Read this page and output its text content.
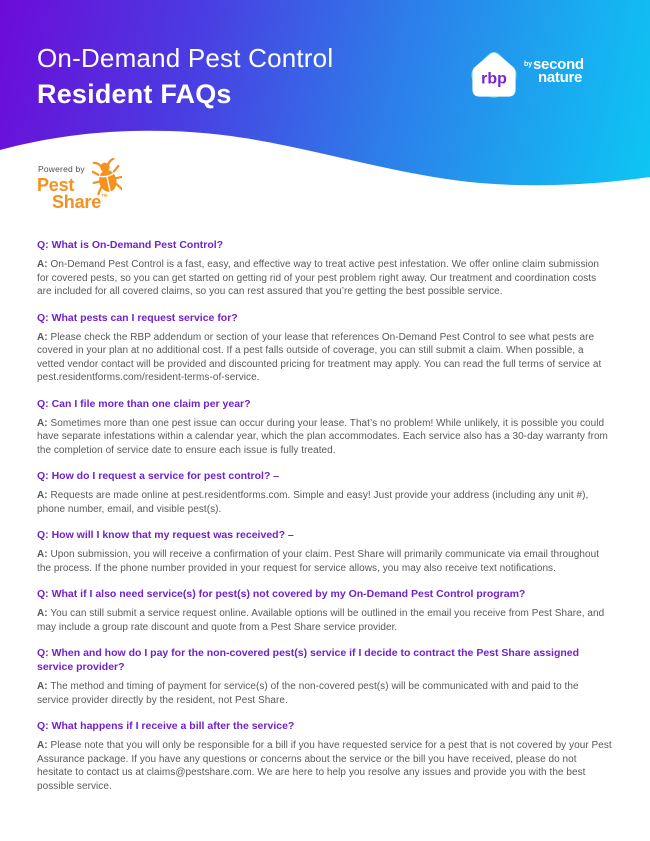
On-Demand Pest Control
Resident FAQs
rbp
by second
nature
Powered by
Pest
Share™
Q: What is On-Demand Pest Control?
A: On-Demand Pest Control is a fast, easy, and effective way to treat active pest infestation. We offer online claim submission for covered pests, so you can get started on getting rid of your pest problem right away. Our treatment and coordination costs are included for all covered claims, so you can rest assured that you’re getting the best possible service.
Q: What pests can I request service for?
A: Please check the RBP addendum or section of your lease that references On-Demand Pest Control to see what pests are covered in your plan at no additional cost. If a pest falls outside of coverage, you can still submit a claim. When possible, a vetted vendor contact will be provided and discounted pricing for treatment may apply. You can read the full terms of service at pest.residentforms.com/resident-terms-of-service.
Q: Can I file more than one claim per year?
A: Sometimes more than one pest issue can occur during your lease. That’s no problem! While unlikely, it is possible you could have separate infestations within a calendar year, which the plan accommodates. Each service also has a 30-day warranty from the completion of service date to ensure each issue is fully treated.
Q: How do I request a service for pest control? –
A: Requests are made online at pest.residentforms.com. Simple and easy! Just provide your address (including any unit #), phone number, email, and visible pest(s).
Q: How will I know that my request was received? –
A: Upon submission, you will receive a confirmation of your claim. Pest Share will primarily communicate via email throughout the process. If the phone number provided in your request for service allows, you may also receive text notifications.
Q: What if I also need service(s) for pest(s) not covered by my On-Demand Pest Control program?
A: You can still submit a service request online. Available options will be outlined in the email you receive from Pest Share, and may include a group rate discount and quote from a Pest Share service provider.
Q: When and how do I pay for the non-covered pest(s) service if I decide to contract the Pest Share assigned service provider?
A: The method and timing of payment for service(s) of the non-covered pest(s) will be communicated with and paid to the service provider directly by the resident, not Pest Share.
Q: What happens if I receive a bill after the service?
A: Please note that you will only be responsible for a bill if you have requested service for a pest that is not covered by your Pest Assurance package. If you have any questions or concerns about the service or the bill you have received, please do not hesitate to contact us at claims@pestshare.com. We are here to help you resolve any issues and provide you with the best possible service.
